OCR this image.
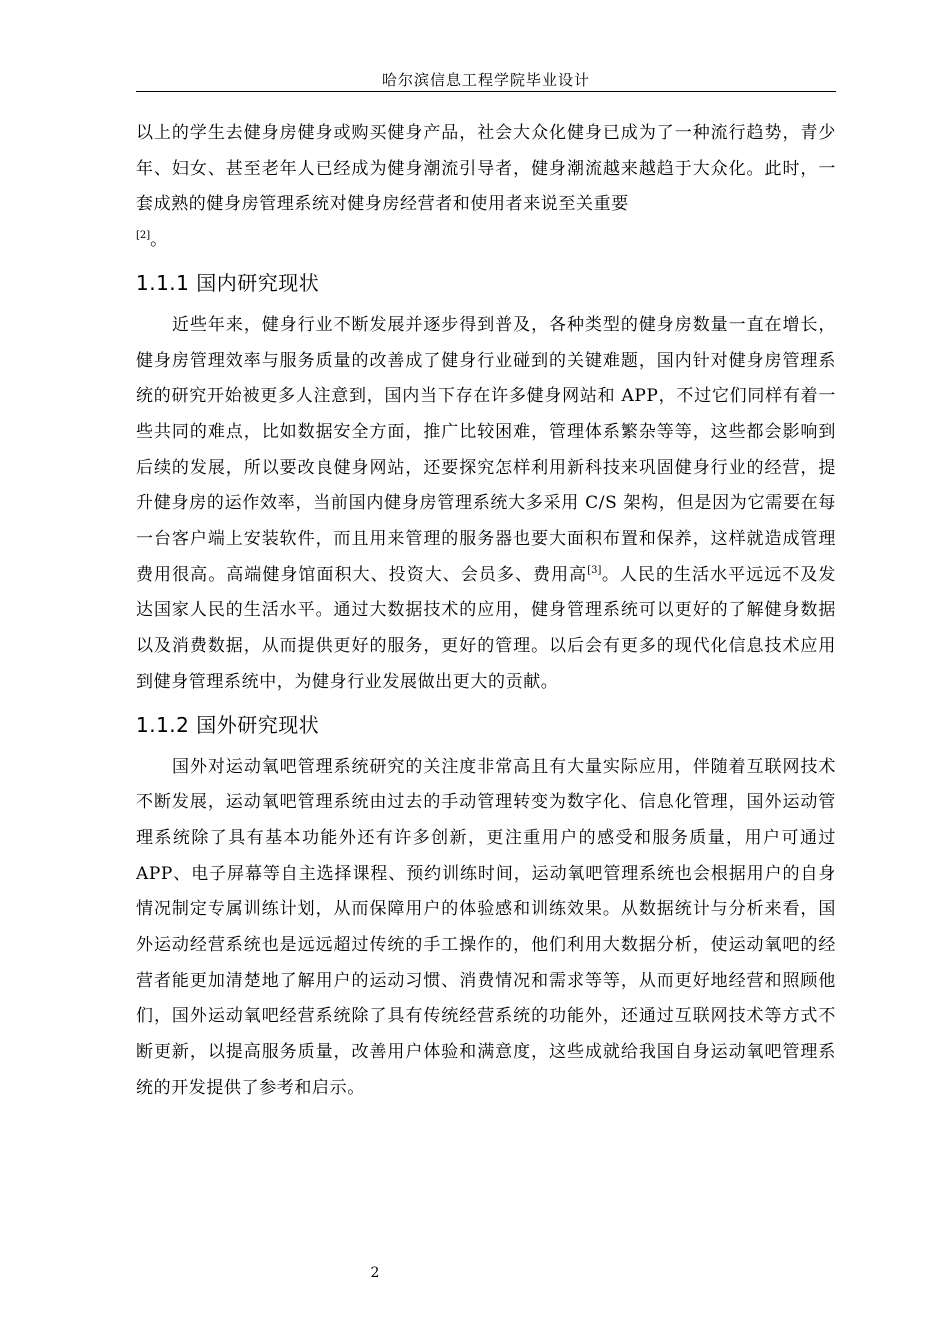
哈尔滨信息工程学院毕业设计

以上的学生去健身房健身或购买健身产品，社会大众化健身已成为了一种流行趋势，青少年、妇女、甚至老年人已经成为健身潮流引导者，健身潮流越来越趋于大众化。此时，一套成熟的健身房管理系统对健身房经营者和使用者来说至关重要
[2]。

1.1.1 国内研究现状

近些年来，健身行业不断发展并逐步得到普及，各种类型的健身房数量一直在增长，健身房管理效率与服务质量的改善成了健身行业碰到的关键难题，国内针对健身房管理系统的研究开始被更多人注意到，国内当下存在许多健身网站和 APP，不过它们同样有着一些共同的难点，比如数据安全方面，推广比较困难，管理体系繁杂等等，这些都会影响到后续的发展，所以要改良健身网站，还要探究怎样利用新科技来巩固健身行业的经营，提升健身房的运作效率，当前国内健身房管理系统大多采用 C/S 架构，但是因为它需要在每一台客户端上安装软件，而且用来管理的服务器也要大面积布置和保养，这样就造成管理费用很高。高端健身馆面积大、投资大、会员多、费用高[3]。人民的生活水平远远不及发达国家人民的生活水平。通过大数据技术的应用，健身管理系统可以更好的了解健身数据以及消费数据，从而提供更好的服务，更好的管理。以后会有更多的现代化信息技术应用到健身管理系统中，为健身行业发展做出更大的贡献。

1.1.2 国外研究现状

国外对运动氧吧管理系统研究的关注度非常高且有大量实际应用，伴随着互联网技术不断发展，运动氧吧管理系统由过去的手动管理转变为数字化、信息化管理，国外运动管理系统除了具有基本功能外还有许多创新，更注重用户的感受和服务质量，用户可通过 APP、电子屏幕等自主选择课程、预约训练时间，运动氧吧管理系统也会根据用户的自身情况制定专属训练计划，从而保障用户的体验感和训练效果。从数据统计与分析来看，国外运动经营系统也是远远超过传统的手工操作的，他们利用大数据分析，使运动氧吧的经营者能更加清楚地了解用户的运动习惯、消费情况和需求等等，从而更好地经营和照顾他们，国外运动氧吧经营系统除了具有传统经营系统的功能外，还通过互联网技术等方式不断更新，以提高服务质量，改善用户体验和满意度，这些成就给我国自身运动氧吧管理系统的开发提供了参考和启示。

2
